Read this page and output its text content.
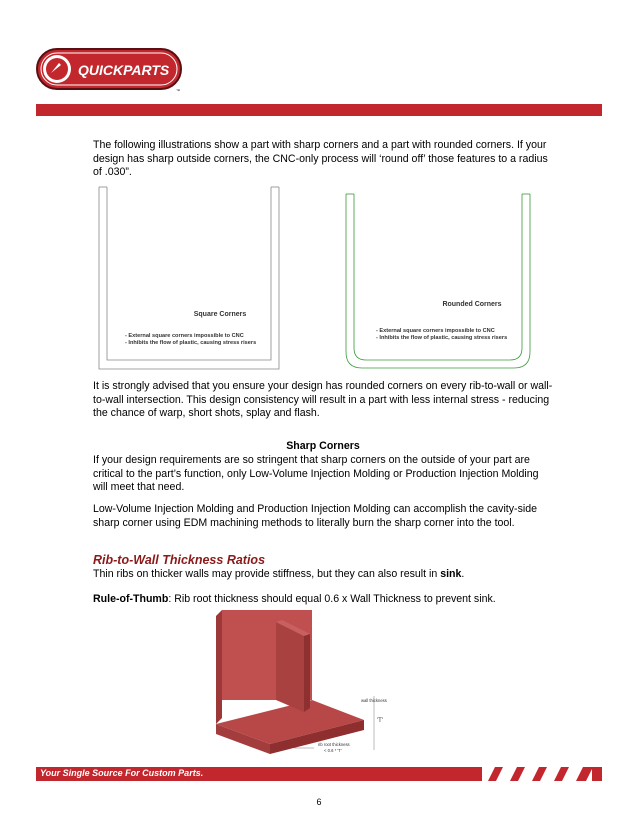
QUICKPARTS
™

The following illustrations show a part with sharp corners and a part with rounded corners. If your design has sharp outside corners, the CNC-only process will ‘round off’ those features to a radius of .030”.

Square Corners
- External square corners impossible to CNC
- Inhibits the flow of plastic, causing stress risers
Rounded Corners
- External square corners impossible to CNC
- Inhibits the flow of plastic, causing stress risers

It is strongly advised that you ensure your design has rounded corners on every rib-to-wall or wall-to-wall intersection. This design consistency will result in a part with less internal stress - reducing the chance of warp, short shots, splay and flash.

Sharp Corners

If your design requirements are so stringent that sharp corners on the outside of your part are critical to the part’s function, only Low-Volume Injection Molding or Production Injection Molding will meet that need.

Low-Volume Injection Molding and Production Injection Molding can accomplish the cavity-side sharp corner using EDM machining methods to literally burn the sharp corner into the tool.

Rib-to-Wall Thickness Ratios

Thin ribs on thicker walls may provide stiffness, but they can also result in sink.

Rule-of-Thumb: Rib root thickness should equal 0.6 x Wall Thickness to prevent sink.

wall thickness
'T'
rib root thickness
< 0.6 * 'T'
Your Single Source For Custom Parts.
6
